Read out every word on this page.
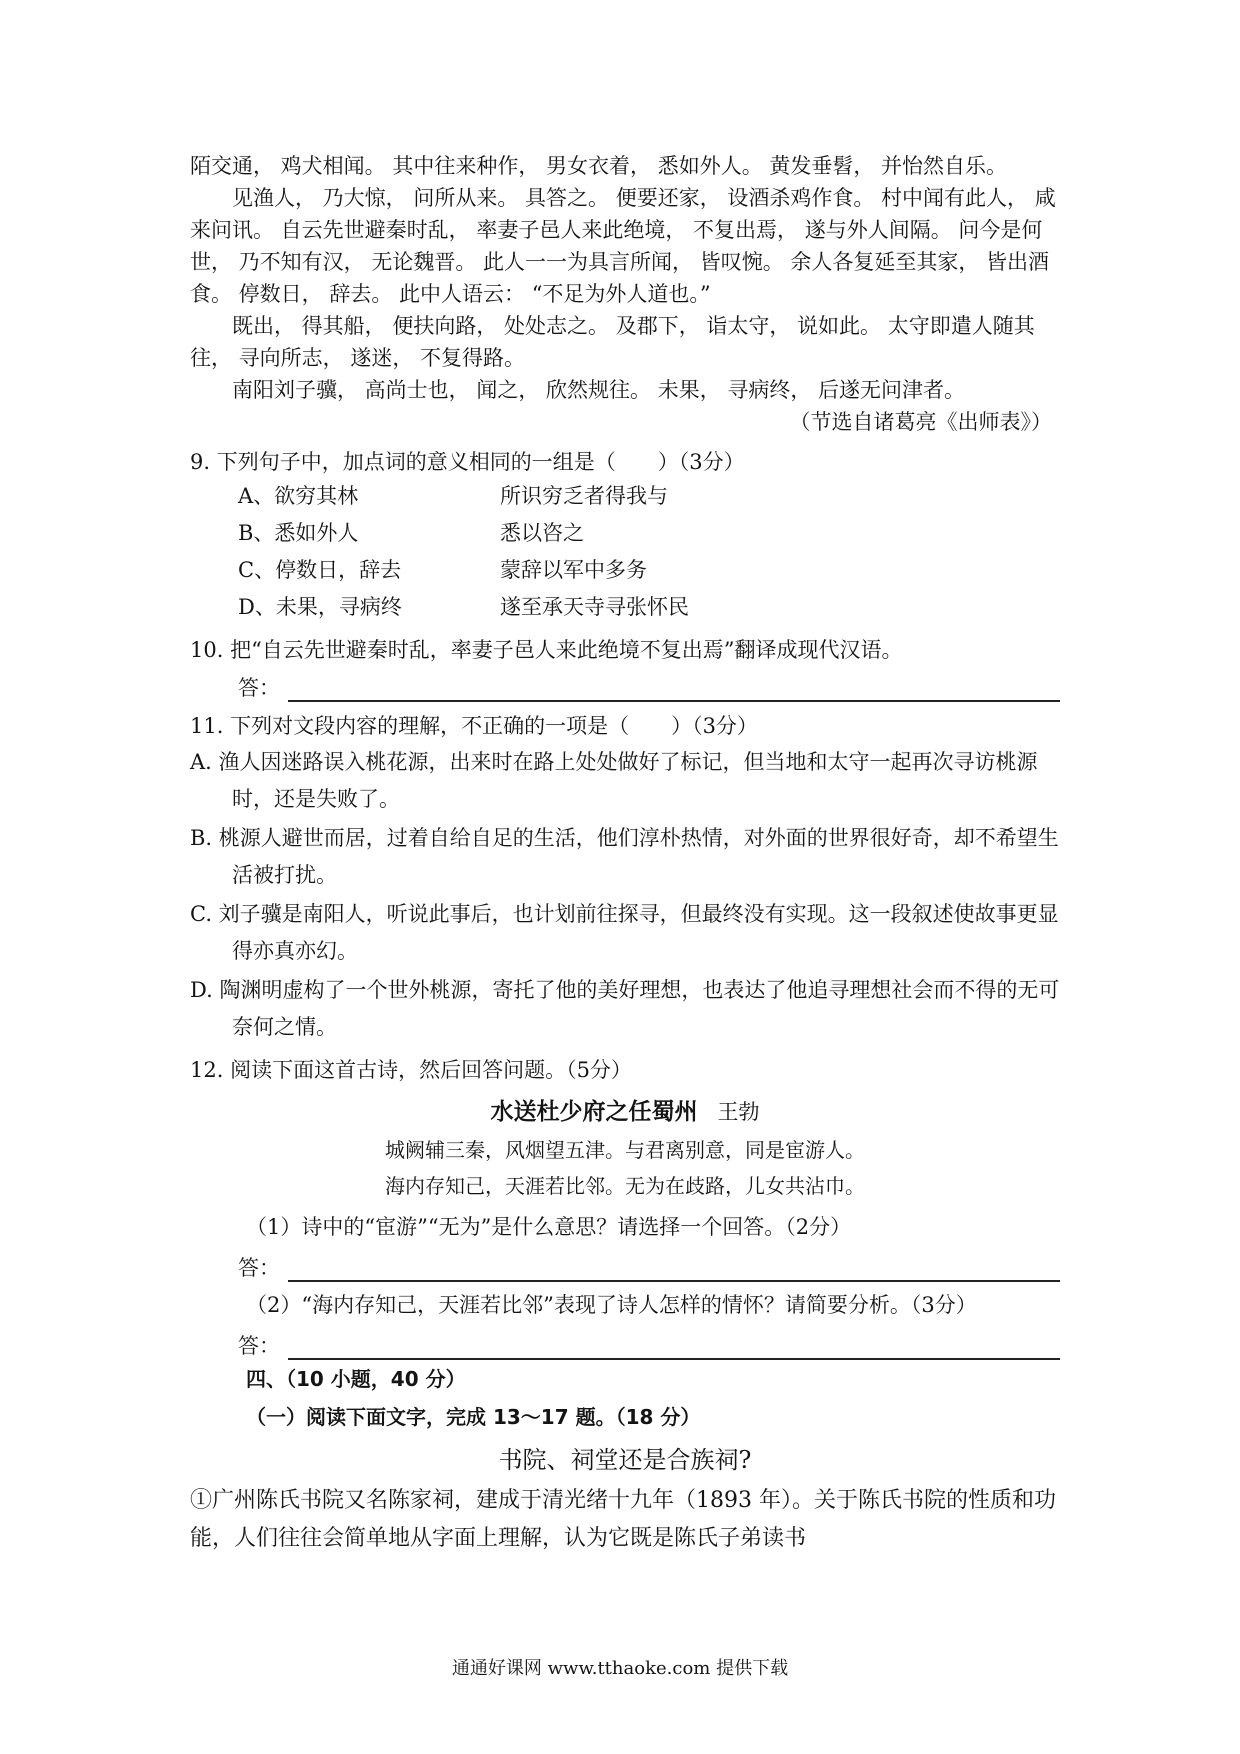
陌交通， 鸡犬相闻。 其中往来种作， 男女衣着， 悉如外人。 黄发垂髫， 并怡然自乐。

见渔人， 乃大惊， 问所从来。 具答之。 便要还家， 设酒杀鸡作食。 村中闻有此人， 咸来问讯。 自云先世避秦时乱， 率妻子邑人来此绝境， 不复出焉， 遂与外人间隔。 问今是何世， 乃不知有汉， 无论魏晋。 此人一一为具言所闻， 皆叹惋。 余人各复延至其家， 皆出酒食。 停数日， 辞去。 此中人语云： “不足为外人道也。”

既出， 得其船， 便扶向路， 处处志之。 及郡下， 诣太守， 说如此。 太守即遣人随其往， 寻向所志， 遂迷， 不复得路。

南阳刘子骥， 高尚士也， 闻之， 欣然规往。 未果， 寻病终， 后遂无问津者。

（节选自诸葛亮《出师表》）

9. 下列句子中，加点词的意义相同的一组是（　　）（3分）

A、欲穷其林	所识穷乏者得我与
B、悉如外人	悉以咨之
C、停数日，辞去	蒙辞以军中多务
D、未果，寻病终	遂至承天寺寻张怀民

10. 把“自云先世避秦时乱，率妻子邑人来此绝境不复出焉”翻译成现代汉语。

答：

11. 下列对文段内容的理解，不正确的一项是（　　）（3分）

A. 渔人因迷路误入桃花源，出来时在路上处处做好了标记，但当地和太守一起再次寻访桃源时，还是失败了。

B. 桃源人避世而居，过着自给自足的生活，他们淳朴热情，对外面的世界很好奇，却不希望生活被打扰。

C. 刘子骥是南阳人，听说此事后，也计划前往探寻，但最终没有实现。这一段叙述使故事更显得亦真亦幻。

D. 陶渊明虚构了一个世外桃源，寄托了他的美好理想，也表达了他追寻理想社会而不得的无可奈何之情。

12. 阅读下面这首古诗，然后回答问题。（5分）

水送杜少府之任蜀州 王勃

城阙辅三秦，风烟望五津。与君离别意，同是宦游人。

海内存知己，天涯若比邻。无为在歧路，儿女共沾巾。

（1）诗中的“宦游”“无为”是什么意思？请选择一个回答。（2分）

答：

（2）“海内存知己，天涯若比邻”表现了诗人怎样的情怀？请简要分析。（3分）

答：

四、（10 小题，40 分）

（一）阅读下面文字，完成 13～17 题。（18 分）

书院、祠堂还是合族祠?

①广州陈氏书院又名陈家祠，建成于清光绪十九年（1893 年）。关于陈氏书院的性质和功能，人们往往会简单地从字面上理解，认为它既是陈氏子弟读书

通通好课网 www.tthaoke.com 提供下载
